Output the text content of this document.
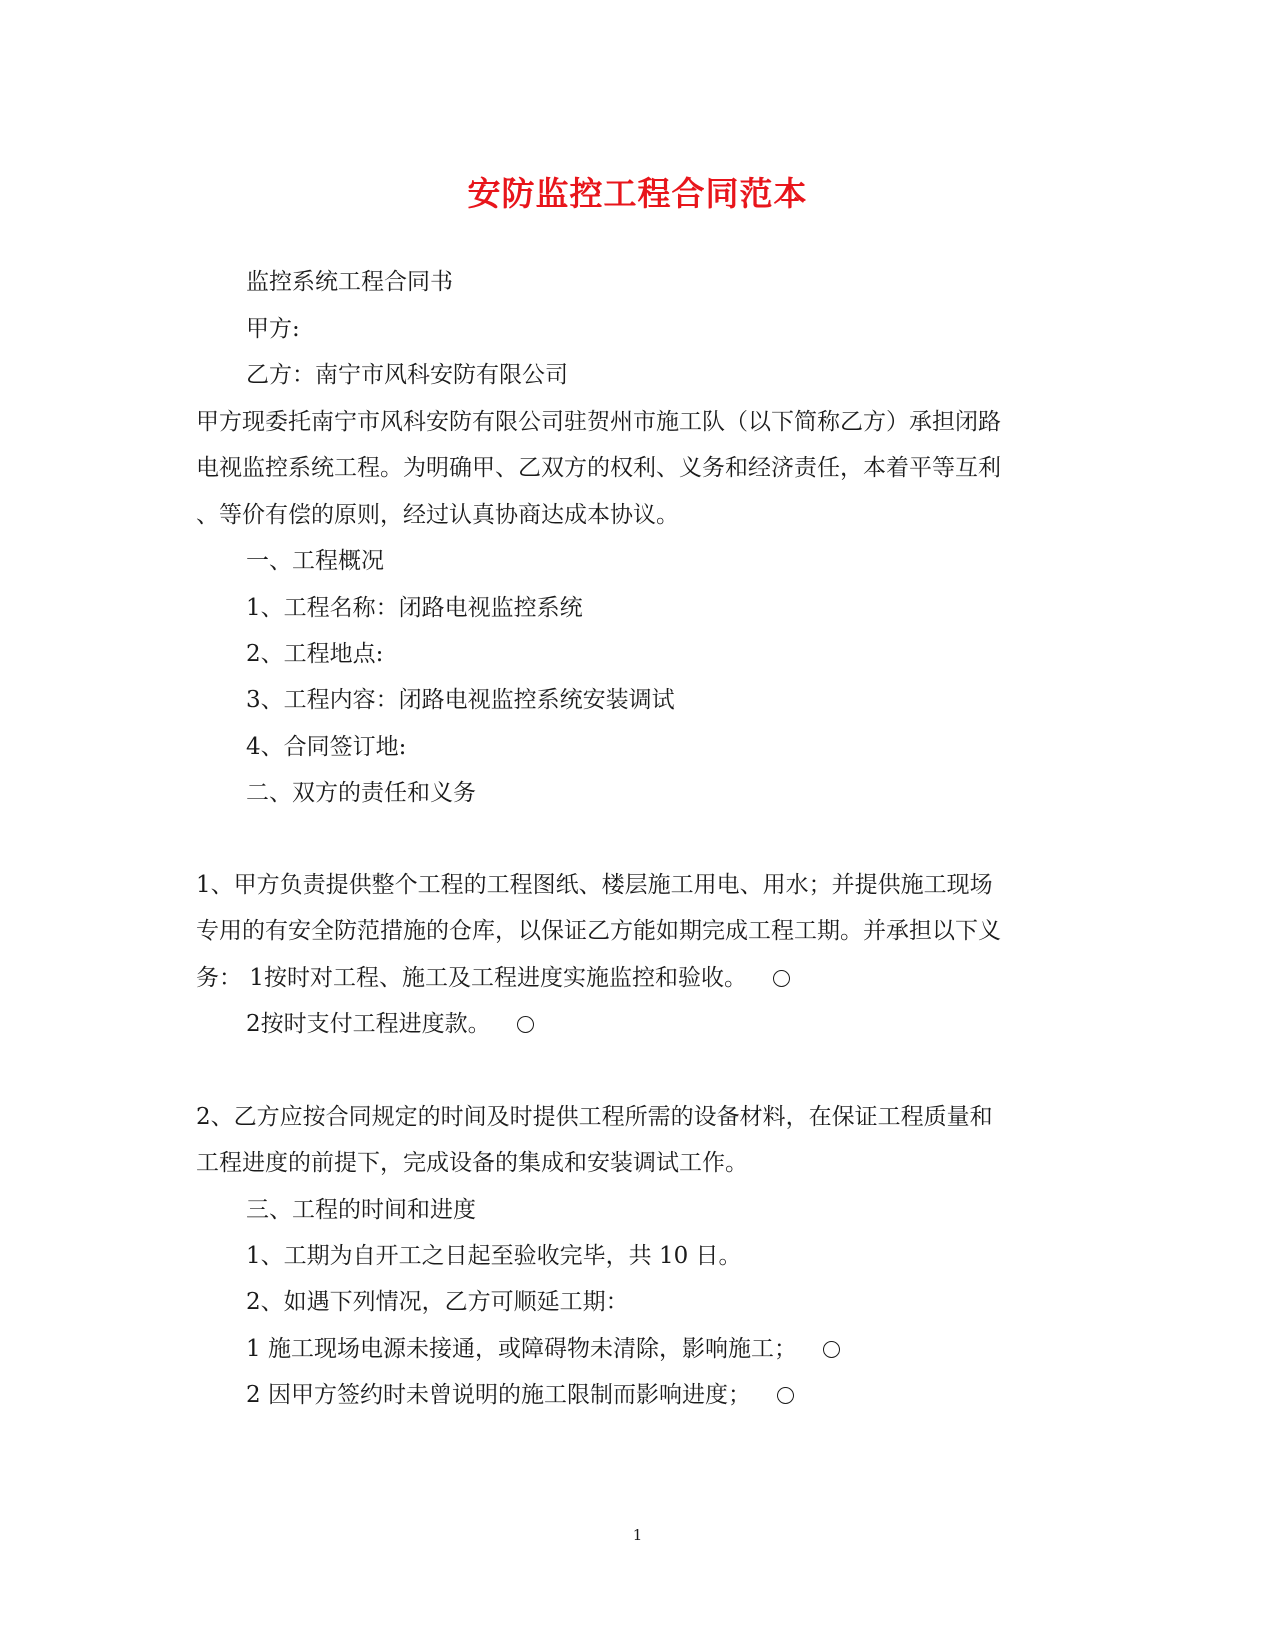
安防监控工程合同范本
监控系统工程合同书
甲方:
乙方：南宁市风科安防有限公司
甲方现委托南宁市风科安防有限公司驻贺州市施工队（以下简称乙方）承担闭路
电视监控系统工程。为明确甲、乙双方的权利、义务和经济责任，本着平等互利
、等价有偿的原则，经过认真协商达成本协议。
一、工程概况
1、工程名称：闭路电视监控系统
2、工程地点:
3、工程内容：闭路电视监控系统安装调试
4、合同签订地:
二、双方的责任和义务
1、甲方负责提供整个工程的工程图纸、楼层施工用电、用水；并提供施工现场
专用的有安全防范措施的仓库，以保证乙方能如期完成工程工期。并承担以下义
务： 1按时对工程、施工及工程进度实施监控和验收。
2按时支付工程进度款。
2、乙方应按合同规定的时间及时提供工程所需的设备材料，在保证工程质量和
工程进度的前提下，完成设备的集成和安装调试工作。
三、工程的时间和进度
1、工期为自开工之日起至验收完毕，共 10 日。
2、如遇下列情况，乙方可顺延工期：
1 施工现场电源未接通，或障碍物未清除，影响施工；
2 因甲方签约时未曾说明的施工限制而影响进度；
1
